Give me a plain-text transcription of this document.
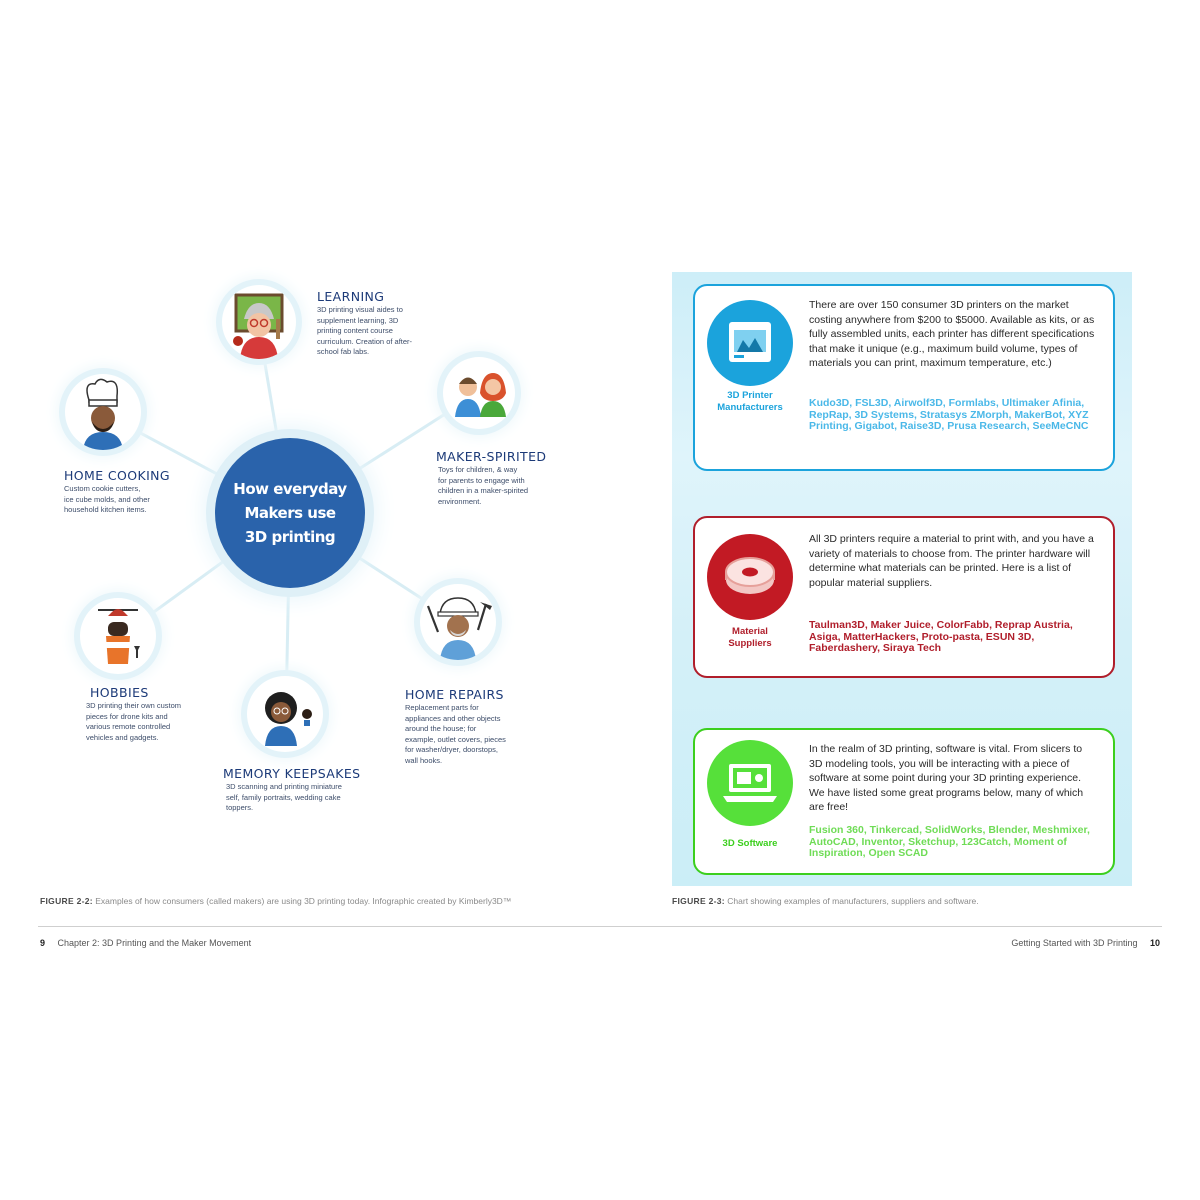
How everyday
Makers use
3D printing
LEARNING
3D printing visual aides to
supplement learning, 3D
printing content course
curriculum. Creation of after-
school fab labs.
MAKER-SPIRITED
Toys for children, & way
for parents to engage with
children in a maker-spirited
environment.
HOME COOKING
Custom cookie cutters,
ice cube molds, and other
household kitchen items.
HOBBIES
3D printing their own custom
pieces for drone kits and
various remote controlled
vehicles and gadgets.
MEMORY KEEPSAKES
3D scanning and printing miniature
self, family portraits, wedding cake
toppers.
HOME REPAIRS
Replacement parts for
appliances and other objects
around the house; for
example, outlet covers, pieces
for washer/dryer, doorstops,
wall hooks.
3D Printer
Manufacturers
There are over 150 consumer 3D printers on the market costing anywhere from $200 to $5000. Available as kits, or as fully assembled units, each printer has different specifications that make it unique (e.g., maximum build volume, types of materials you can print, maximum temperature, etc.)
Kudo3D, FSL3D, Airwolf3D, Formlabs, Ultimaker Afinia, RepRap, 3D Systems, Stratasys ZMorph, MakerBot, XYZ Printing, Gigabot, Raise3D, Prusa Research, SeeMeCNC
Material
Suppliers
All 3D printers require a material to print with, and you have a variety of materials to choose from. The printer hardware will determine what materials can be printed. Here is a list of popular material suppliers.
Taulman3D, Maker Juice, ColorFabb, Reprap Austria, Asiga, MatterHackers, Proto-pasta, ESUN 3D, Faberdashery, Siraya Tech
3D Software
In the realm of 3D printing, software is vital. From slicers to 3D modeling tools, you will be interacting with a piece of software at some point during your 3D printing experience. We have listed some great programs below, many of which are free!
Fusion 360, Tinkercad, SolidWorks, Blender, Meshmixer, AutoCAD, Inventor, Sketchup, 123Catch, Moment of Inspiration, Open SCAD
FIGURE 2-2: Examples of how consumers (called makers) are using 3D printing today. Infographic created by Kimberly3D™	FIGURE 2-3: Chart showing examples of manufacturers, suppliers and software.
9 Chapter 2: 3D Printing and the Maker Movement	Getting Started with 3D Printing 10
